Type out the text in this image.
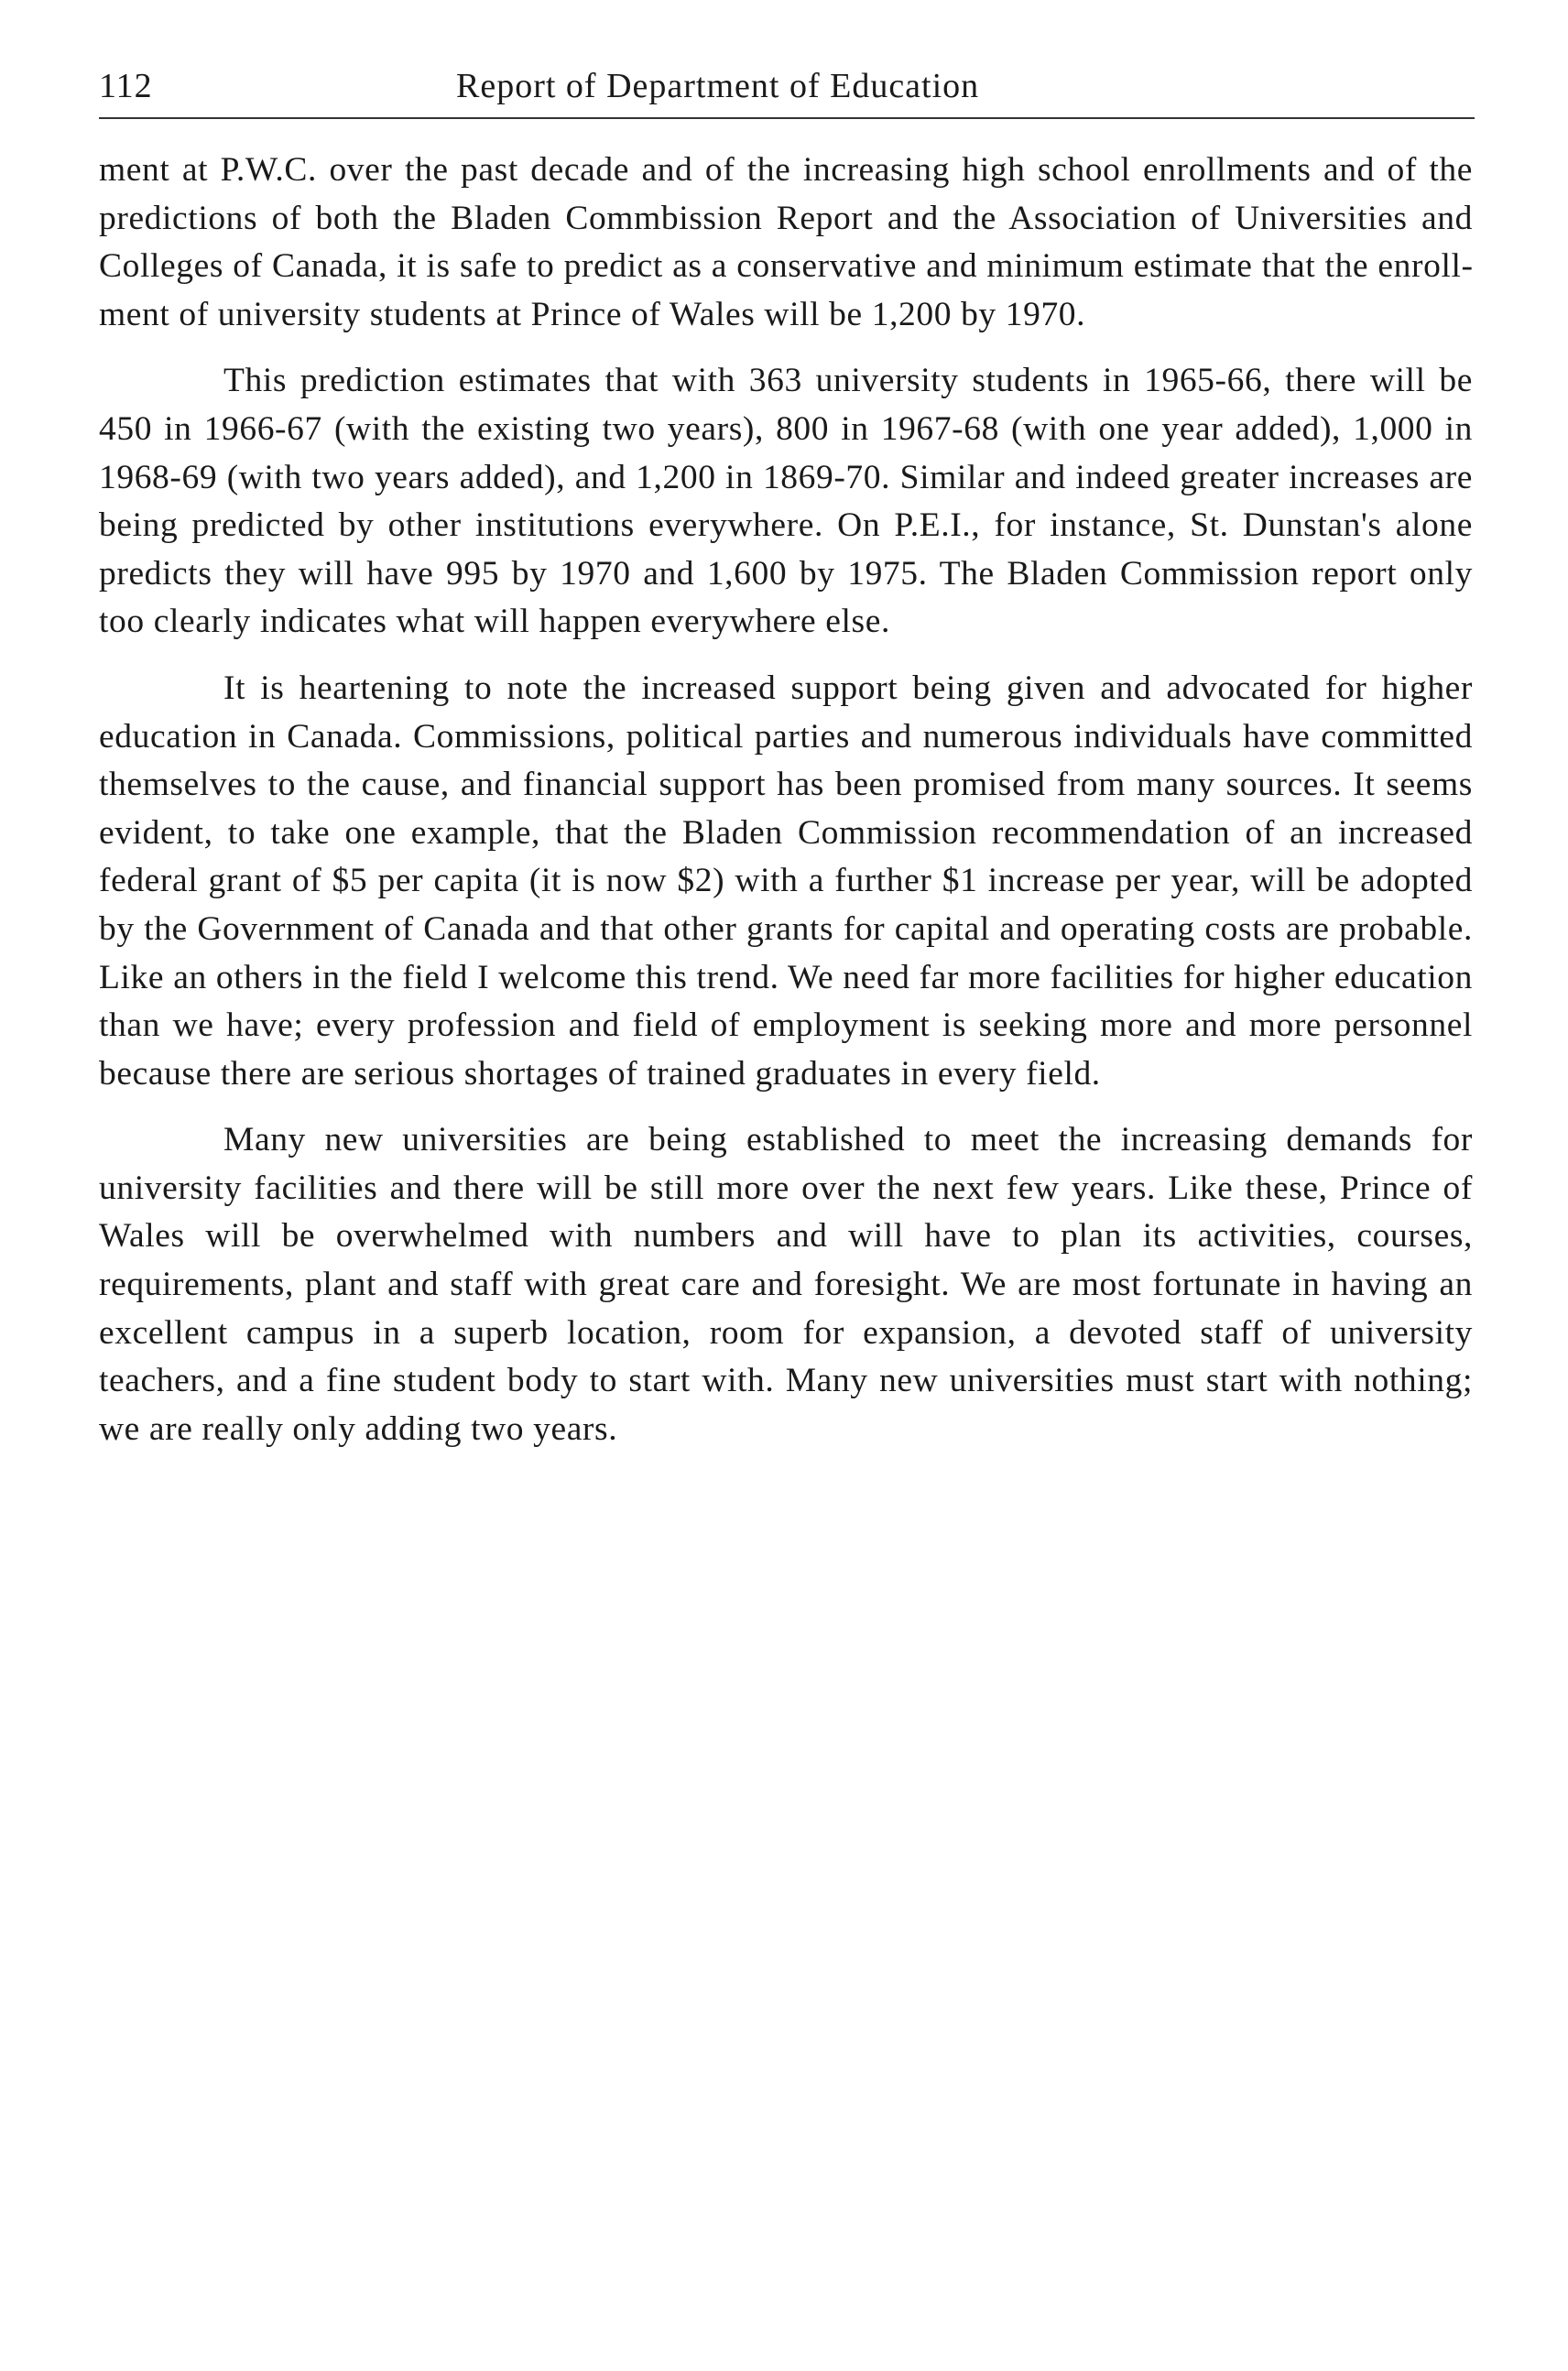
112	Report of Department of Education

ment at P.W.C. over the past decade and of the increasing high school enrollments and of the predictions of both the Bladen Commbission Report and the Association of Universities and Colleges of Canada, it is safe to predict as a conservative and minimum estimate that the enrollment of university students at Prince of Wales will be 1,200 by 1970.

This prediction estimates that with 363 university students in 1965-66, there will be 450 in 1966-67 (with the existing two years), 800 in 1967-68 (with one year added), 1,000 in 1968-69 (with two years added), and 1,200 in 1869-70. Similar and indeed greater increases are being predicted by other institutions everywhere. On P.E.I., for instance, St. Dunstan's alone predicts they will have 995 by 1970 and 1,600 by 1975. The Bladen Commission report only too clearly indicates what will happen everywhere else.

It is heartening to note the increased support being given and advocated for higher education in Canada. Commissions, political parties and numerous individuals have committed themselves to the cause, and financial support has been promised from many sources. It seems evident, to take one example, that the Bladen Commission recommendation of an increased federal grant of $5 per capita (it is now $2) with a further $1 increase per year, will be adopted by the Government of Canada and that other grants for capital and operating costs are probable. Like an others in the field I welcome this trend. We need far more facilities for higher education than we have; every profession and field of employment is seeking more and more personnel because there are serious shortages of trained graduates in every field.

Many new universities are being established to meet the increasing demands for university facilities and there will be still more over the next few years. Like these, Prince of Wales will be overwhelmed with numbers and will have to plan its activities, courses, requirements, plant and staff with great care and foresight. We are most fortunate in having an excellent campus in a superb location, room for expansion, a devoted staff of university teachers, and a fine student body to start with. Many new universities must start with nothing; we are really only adding two years.
